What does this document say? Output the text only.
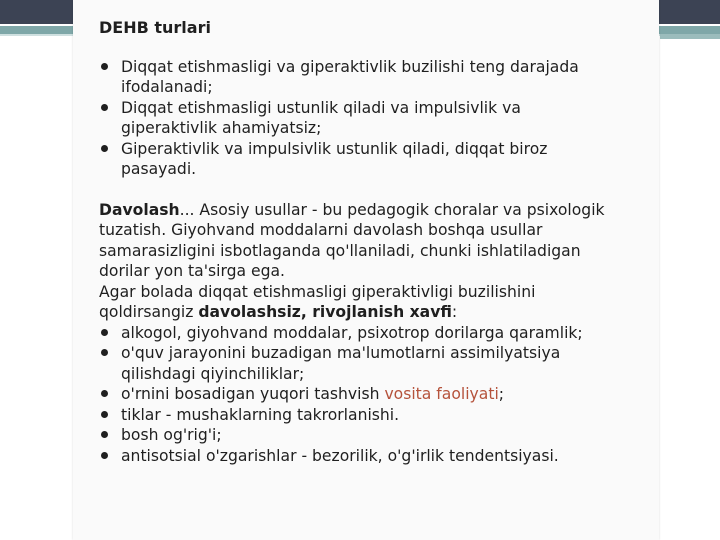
DEHB turlari
Diqqat etishmasligi va giperaktivlik buzilishi teng darajada ifodalanadi;
Diqqat etishmasligi ustunlik qiladi va impulsivlik va giperaktivlik ahamiyatsiz;
Giperaktivlik va impulsivlik ustunlik qiladi, diqqat biroz pasayadi.

Davolash... Asosiy usullar - bu pedagogik choralar va psixologik tuzatish. Giyohvand moddalarni davolash boshqa usullar samarasizligini isbotlaganda qo'llaniladi, chunki ishlatiladigan dorilar yon ta'sirga ega.

Agar bolada diqqat etishmasligi giperaktivligi buzilishini qoldirsangiz davolashsiz, rivojlanish xavfi:

alkogol, giyohvand moddalar, psixotrop dorilarga qaramlik;
o'quv jarayonini buzadigan ma'lumotlarni assimilyatsiya qilishdagi qiyinchiliklar;
o'rnini bosadigan yuqori tashvish vosita faoliyati;
tiklar - mushaklarning takrorlanishi.
bosh og'rig'i;
antisotsial o'zgarishlar - bezorilik, o'g'irlik tendentsiyasi.
